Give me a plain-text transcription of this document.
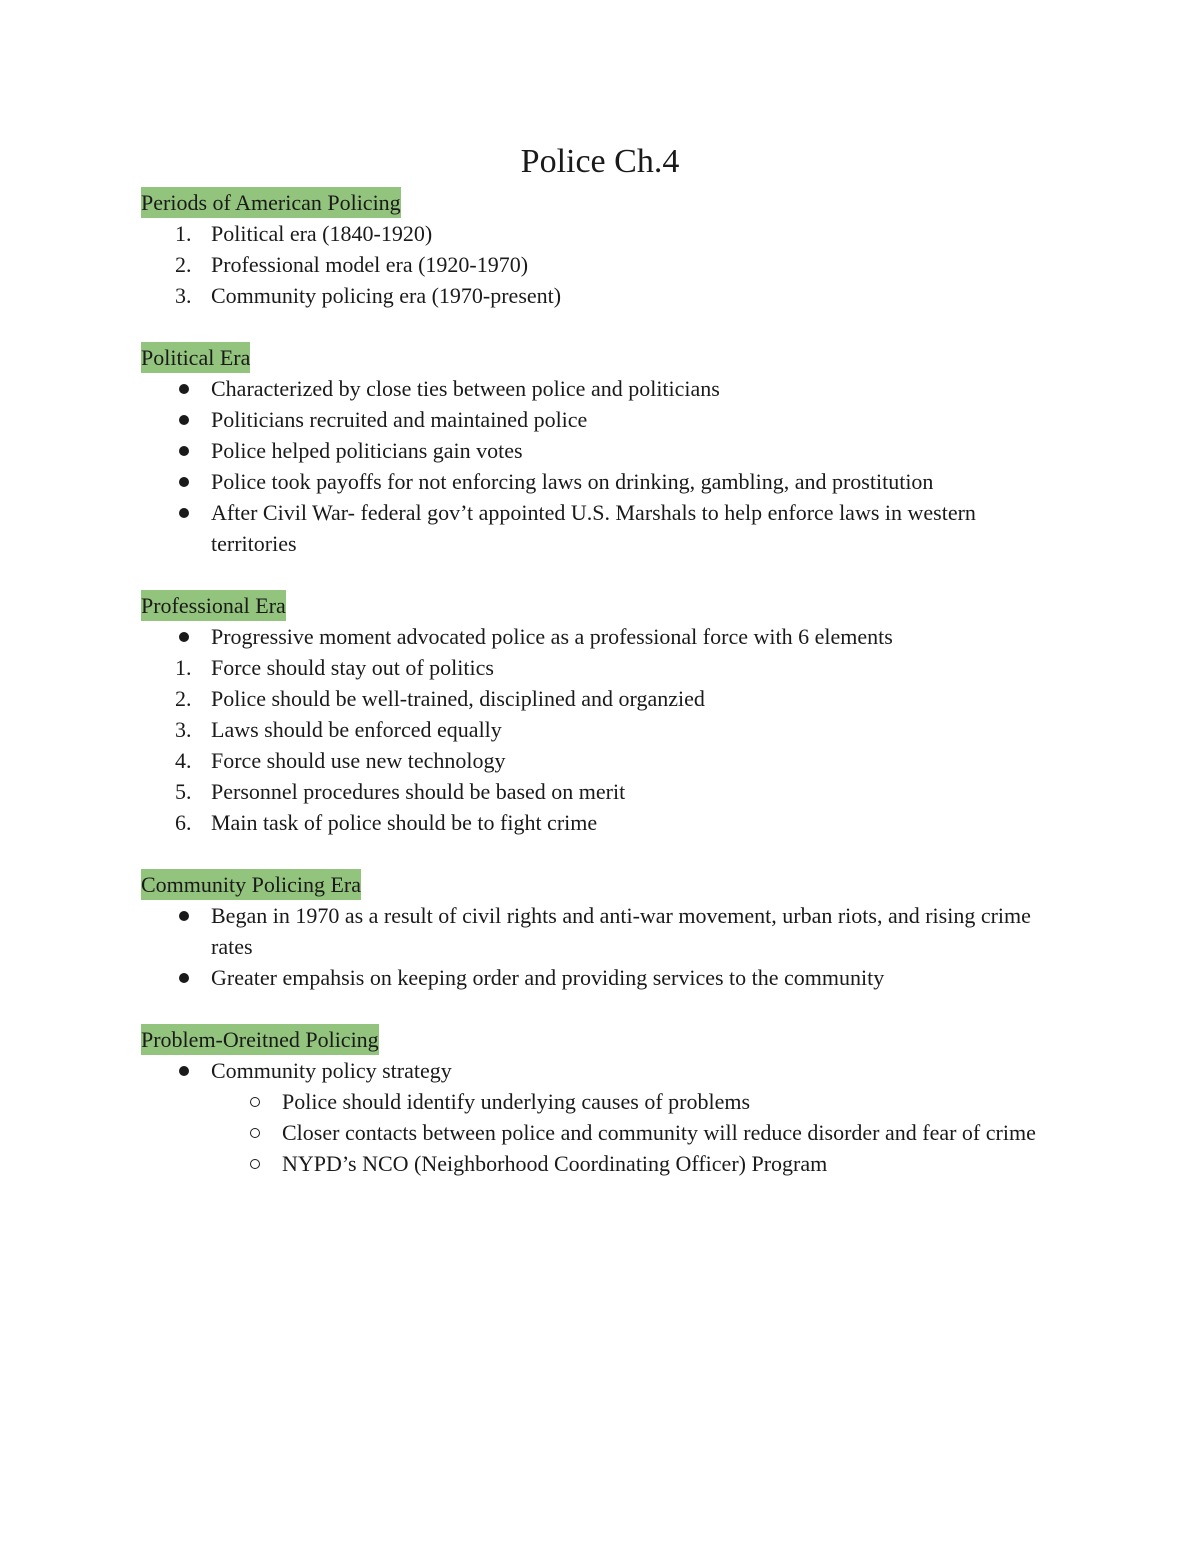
Police Ch.4
Periods of American Policing
1. Political era (1840-1920)
2. Professional model era (1920-1970)
3. Community policing era (1970-present)
Political Era
Characterized by close ties between police and politicians
Politicians recruited and maintained police
Police helped politicians gain votes
Police took payoffs for not enforcing laws on drinking, gambling, and prostitution
After Civil War- federal gov’t appointed U.S. Marshals to help enforce laws in western territories
Professional Era
Progressive moment advocated police as a professional force with 6 elements
1. Force should stay out of politics
2. Police should be well-trained, disciplined and organzied
3. Laws should be enforced equally
4. Force should use new technology
5. Personnel procedures should be based on merit
6. Main task of police should be to fight crime
Community Policing Era
Began in 1970 as a result of civil rights and anti-war movement, urban riots, and rising crime rates
Greater empahsis on keeping order and providing services to the community
Problem-Oreitned Policing
Community policy strategy
Police should identify underlying causes of problems
Closer contacts between police and community will reduce disorder and fear of crime
NYPD’s NCO (Neighborhood Coordinating Officer) Program
